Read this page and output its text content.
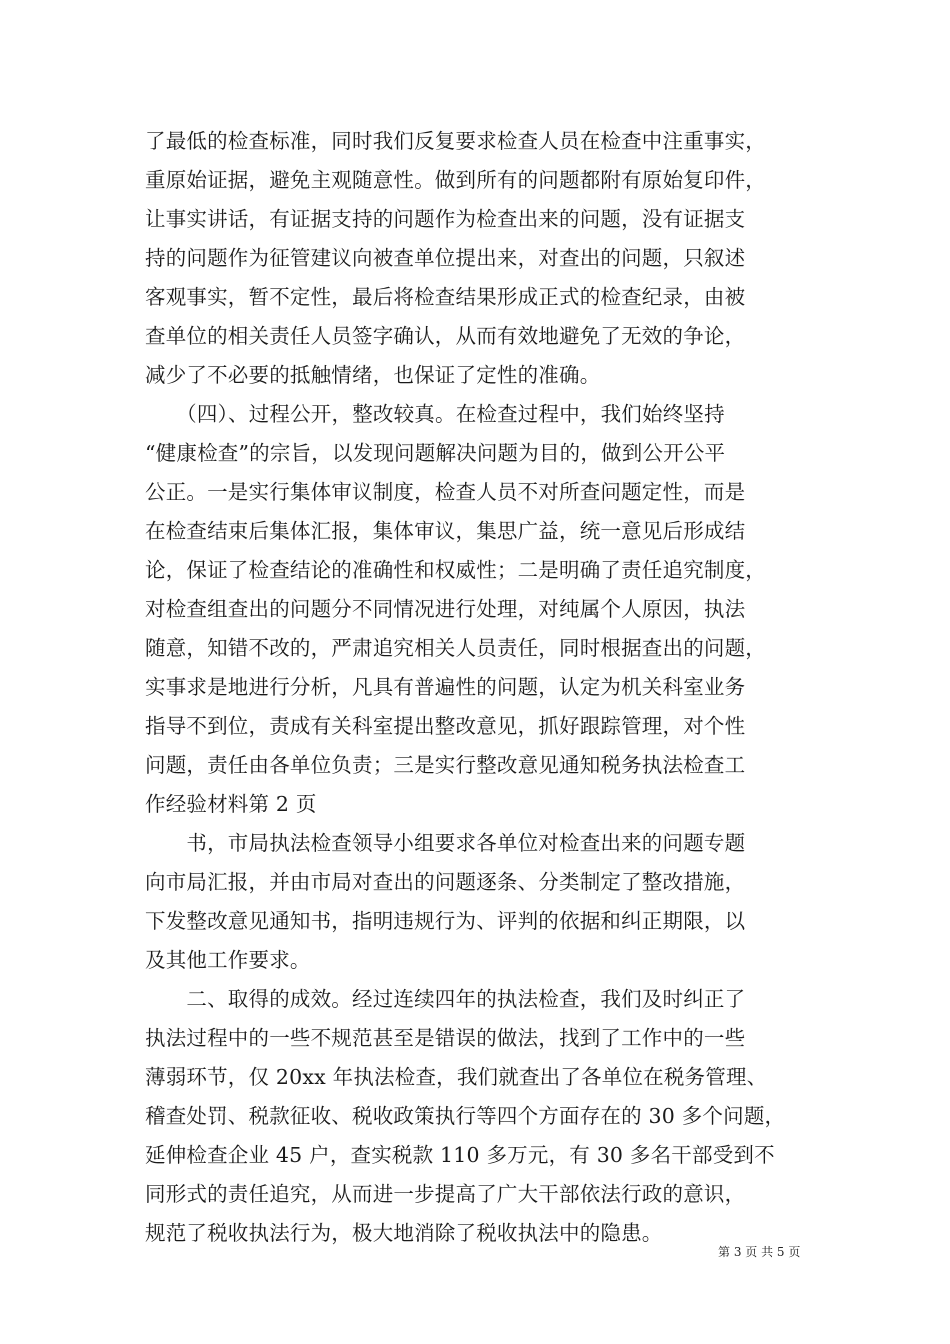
了最低的检查标准，同时我们反复要求检查人员在检查中注重事实，
重原始证据，避免主观随意性。做到所有的问题都附有原始复印件，
让事实讲话，有证据支持的问题作为检查出来的问题，没有证据支
持的问题作为征管建议向被查单位提出来，对查出的问题，只叙述
客观事实，暂不定性，最后将检查结果形成正式的检查纪录，由被
查单位的相关责任人员签字确认，从而有效地避免了无效的争论，
减少了不必要的抵触情绪，也保证了定性的准确。
　　（四）、过程公开，整改较真。在检查过程中，我们始终坚持
“健康检查”的宗旨，以发现问题解决问题为目的，做到公开公平
公正。一是实行集体审议制度，检查人员不对所查问题定性，而是
在检查结束后集体汇报，集体审议，集思广益，统一意见后形成结
论，保证了检查结论的准确性和权威性；二是明确了责任追究制度，
对检查组查出的问题分不同情况进行处理，对纯属个人原因，执法
随意，知错不改的，严肃追究相关人员责任，同时根据查出的问题，
实事求是地进行分析，凡具有普遍性的问题，认定为机关科室业务
指导不到位，责成有关科室提出整改意见，抓好跟踪管理，对个性
问题，责任由各单位负责；三是实行整改意见通知税务执法检查工
作经验材料第 2 页
　　书，市局执法检查领导小组要求各单位对检查出来的问题专题
向市局汇报，并由市局对查出的问题逐条、分类制定了整改措施，
下发整改意见通知书，指明违规行为、评判的依据和纠正期限，以
及其他工作要求。
　　二、取得的成效。经过连续四年的执法检查，我们及时纠正了
执法过程中的一些不规范甚至是错误的做法，找到了工作中的一些
薄弱环节，仅 20xx 年执法检查，我们就查出了各单位在税务管理、
稽查处罚、税款征收、税收政策执行等四个方面存在的 30 多个问题，
延伸检查企业 45 户，查实税款 110 多万元，有 30 多名干部受到不
同形式的责任追究，从而进一步提高了广大干部依法行政的意识，
规范了税收执法行为，极大地消除了税收执法中的隐患。
第 3 页 共 5 页
